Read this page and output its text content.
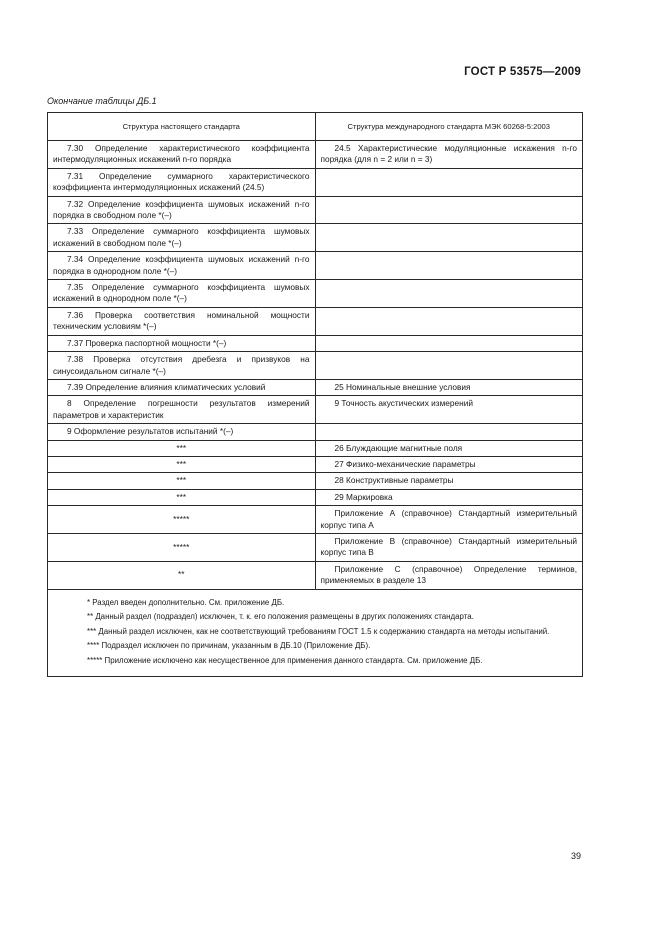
ГОСТ Р 53575—2009
Окончание таблицы ДБ.1
Структура настоящего стандарта	Структура международного стандарта МЭК 60268-5:2003
7.30 Определение характеристического коэффициента интермодуляционных искажений n-го порядка	24.5 Характеристические модуляционные искажения n-го порядка (для n = 2 или n = 3)
7.31 Определение суммарного характеристического коэффициента интермодуляционных искажений (24.5)	
7.32 Определение коэффициента шумовых искажений n-го порядка в свободном поле *(–)	
7.33 Определение суммарного коэффициента шумовых искажений в свободном поле *(–)	
7.34 Определение коэффициента шумовых искажений n-го порядка в однородном поле *(–)	
7.35 Определение суммарного коэффициента шумовых искажений в однородном поле *(–)	
7.36 Проверка соответствия номинальной мощности техническим условиям *(–)	
7.37 Проверка паспортной мощности *(–)	
7.38 Проверка отсутствия дребезга и призвуков на синусоидальном сигнале *(–)	
7.39 Определение влияния климатических условий	25 Номинальные внешние условия
8 Определение погрешности результатов измерений параметров и характеристик	9 Точность акустических измерений
9 Оформление результатов испытаний *(–)	
***	26 Блуждающие магнитные поля
***	27 Физико-механические параметры
***	28 Конструктивные параметры
***	29 Маркировка
*****	Приложение А (справочное) Стандартный измерительный корпус типа А
*****	Приложение В (справочное) Стандартный измерительный корпус типа В
**	Приложение С (справочное) Определение терминов, применяемых в разделе 13

* Раздел введен дополнительно. См. приложение ДБ.
** Данный раздел (подраздел) исключен, т. к. его положения размещены в других положениях стандарта.
*** Данный раздел исключен, как не соответствующий требованиям ГОСТ 1.5 к содержанию стандарта на методы испытаний.
**** Подраздел исключен по причинам, указанным в ДБ.10 (Приложение ДБ).
***** Приложение исключено как несущественное для применения данного стандарта. См. приложение ДБ.	
39
